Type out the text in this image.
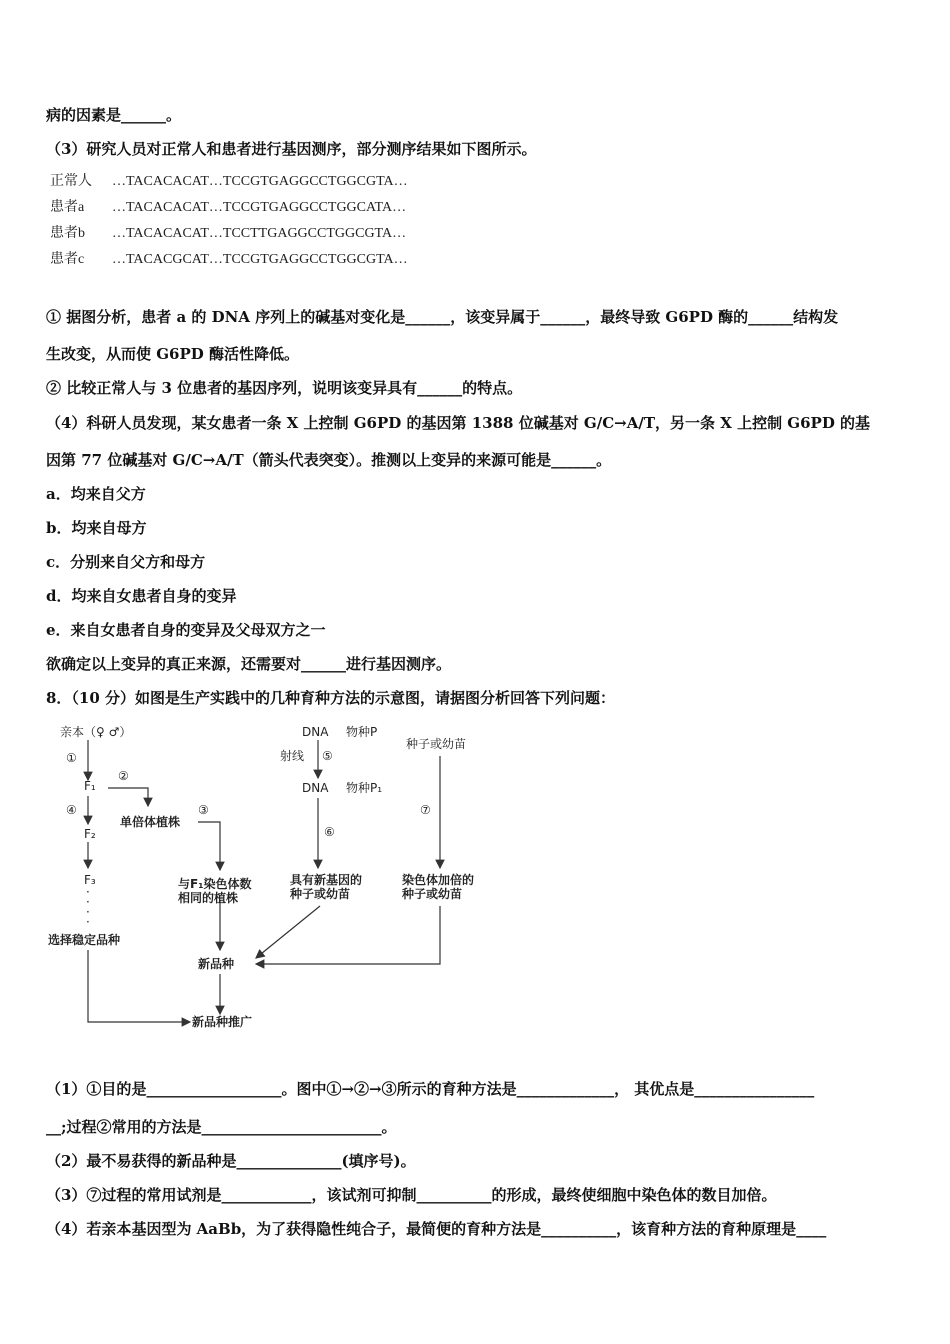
病的因素是______。
（3）研究人员对正常人和患者进行基因测序，部分测序结果如下图所示。
正常人 …TACACACAT…TCCGTGAGGCCTGGCGTA…
患者a …TACACACAT…TCCGTGAGGCCTGGCATA…
患者b …TACACACAT…TCCTTGAGGCCTGGCGTA…
患者c …TACACGCAT…TCCGTGAGGCCTGGCGTA…
① 据图分析，患者 a 的 DNA 序列上的碱基对变化是______，该变异属于______，最终导致 G6PD 酶的______结构发
生改变，从而使 G6PD 酶活性降低。
② 比较正常人与 3 位患者的基因序列，说明该变异具有______的特点。
（4）科研人员发现，某女患者一条 X 上控制 G6PD 的基因第 1388 位碱基对 G/C→A/T，另一条 X 上控制 G6PD 的基
因第 77 位碱基对 G/C→A/T（箭头代表突变）。推测以上变异的来源可能是______。
a．均来自父方
b．均来自母方
c．分别来自父方和母方
d．均来自女患者自身的变异
e．来自女患者自身的变异及父母双方之一
欲确定以上变异的真正来源，还需要对______进行基因测序。
8．（10 分）如图是生产实践中的几种育种方法的示意图，请据图分析回答下列问题：
亲本（♀ ♂）
①
F₁
②
④
单倍体植株
③
F₂
F₃
·
·
·
·
选择稳定品种
与F₁染色体数
相同的植株
DNA 物种P
射线 ⑤
DNA 物种P₁
⑥
具有新基因的
种子或幼苗
种子或幼苗
⑦
染色体加倍的
种子或幼苗
新品种
新品种推广
（1）①目的是__________________。图中①→②→③所示的育种方法是_____________， 其优点是________________
__;过程②常用的方法是________________________。
（2）最不易获得的新品种是______________(填序号)。
（3）⑦过程的常用试剂是____________，该试剂可抑制__________的形成，最终使细胞中染色体的数目加倍。
（4）若亲本基因型为 AaBb，为了获得隐性纯合子，最简便的育种方法是__________，该育种方法的育种原理是____
